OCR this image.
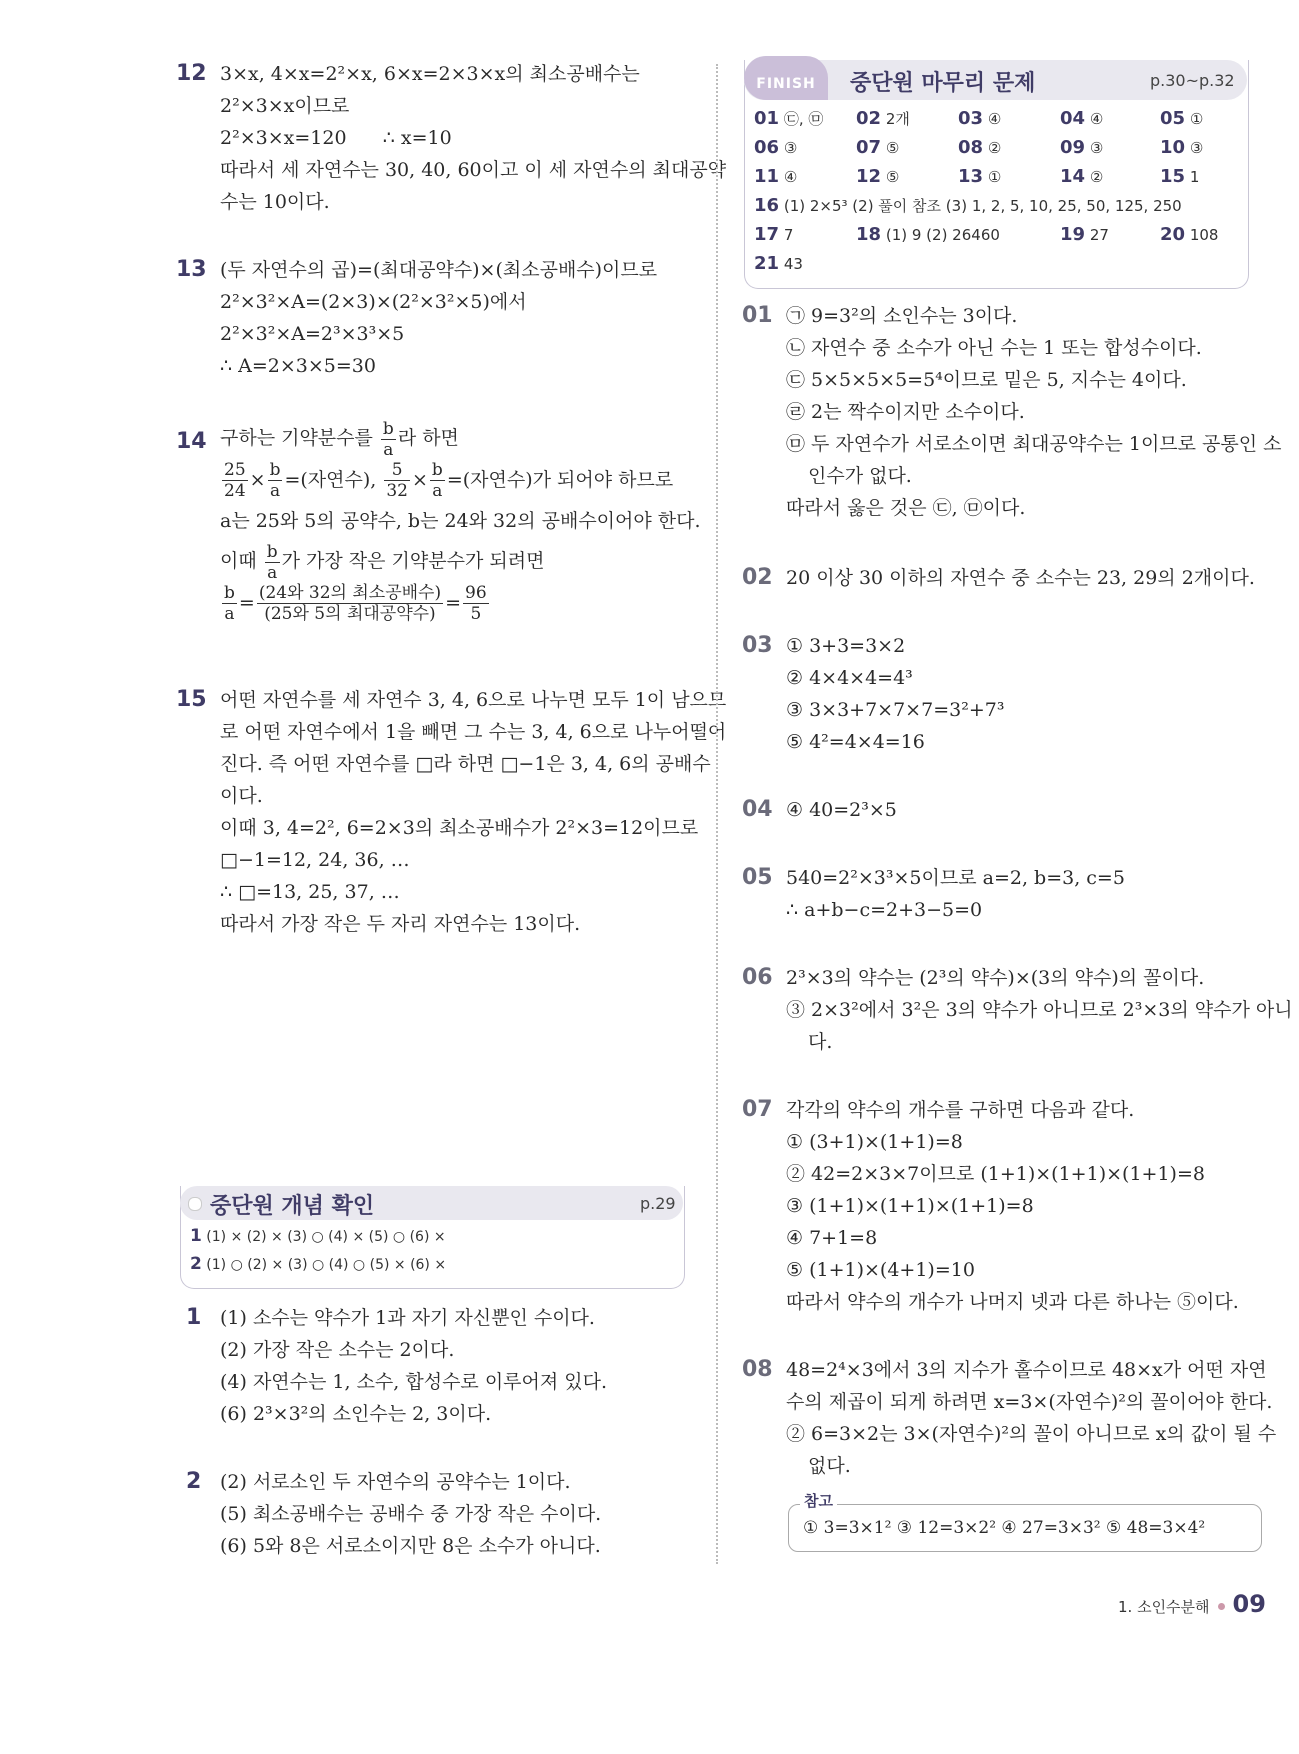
12 3×x, 4×x=2²×x, 6×x=2×3×x의 최소공배수는
2²×3×x이므로
2²×3×x=120      ∴ x=10
따라서 세 자연수는 30, 40, 60이고 이 세 자연수의 최대공약
수는 10이다.
13 (두 자연수의 곱)=(최대공약수)×(최소공배수)이므로
2²×3²×A=(2×3)×(2²×3²×5)에서
2²×3²×A=2³×3³×5
∴ A=2×3×5=30
14 구하는 기약분수를 $\frac{b}{a}$ 라 하면
$\frac{25}{24} \times \frac{b}{a}$ =(자연수), $\frac{5}{32} \times \frac{b}{a}$ =(자연수)가 되어야 하므로
a는 25와 5의 공약수, b는 24와 32의 공배수이어야 한다.
이때 $\frac{b}{a}$ 가 가장 작은 기약분수가 되려면
$\frac{b}{a} = \frac{\text{(24와 32의 최소공배수)}}{\text{(25와 5의 최대공약수)}} = \frac{96}{5}$
15 어떤 자연수를 세 자연수 3, 4, 6으로 나누면 모두 1이 남으므
로 어떤 자연수에서 1을 빼면 그 수는 3, 4, 6으로 나누어떨어
진다. 즉 어떤 자연수를 □라 하면 □−1은 3, 4, 6의 공배수
이다.
이때 3, 4=2², 6=2×3의 최소공배수가 2²×3=12이므로
□−1=12, 24, 36, …
∴ □=13, 25, 37, …
따라서 가장 작은 두 자리 자연수는 13이다.
중단원 개념 확인	p.29
1 (1) × (2) × (3) ○ (4) × (5) ○ (6) ×
2 (1) ○ (2) × (3) ○ (4) ○ (5) × (6) ×
1 (1) 소수는 약수가 1과 자기 자신뿐인 수이다.
(2) 가장 작은 소수는 2이다.
(4) 자연수는 1, 소수, 합성수로 이루어져 있다.
(6) 2³×3²의 소인수는 2, 3이다.
2 (2) 서로소인 두 자연수의 공약수는 1이다.
(5) 최소공배수는 공배수 중 가장 작은 수이다.
(6) 5와 8은 서로소이지만 8은 소수가 아니다.
FINISH	중단원 마무리 문제	p.30~p.32
01 ㉢, ㉤ 02 2개	03 ④	04 ④	05 ①
06 ③	07 ⑤	08 ②	09 ③	10 ③
11 ④	12 ⑤	13 ①	14 ②	15 1
16 (1) 2×5³ (2) 풀이 참조 (3) 1, 2, 5, 10, 25, 50, 125, 250
17 7	18 (1) 9 (2) 26460	19 27	20 108
21 43
01 ㉠ 9=3²의 소인수는 3이다.
㉡ 자연수 중 소수가 아닌 수는 1 또는 합성수이다.
㉢ 5×5×5×5=5⁴이므로 밑은 5, 지수는 4이다.
㉣ 2는 짝수이지만 소수이다.
㉤ 두 자연수가 서로소이면 최대공약수는 1이므로 공통인 소
인수가 없다.
따라서 옳은 것은 ㉢, ㉤이다.
02 20 이상 30 이하의 자연수 중 소수는 23, 29의 2개이다.
03 ① 3+3=3×2
② 4×4×4=4³
③ 3×3+7×7×7=3²+7³
⑤ 4²=4×4=16
04 ④ 40=2³×5
05 540=2²×3³×5이므로 a=2, b=3, c=5
∴ a+b−c=2+3−5=0
06 2³×3의 약수는 (2³의 약수)×(3의 약수)의 꼴이다.
③ 2×3²에서 3²은 3의 약수가 아니므로 2³×3의 약수가 아니
다.
07 각각의 약수의 개수를 구하면 다음과 같다.
① (3+1)×(1+1)=8
② 42=2×3×7이므로 (1+1)×(1+1)×(1+1)=8
③ (1+1)×(1+1)×(1+1)=8
④ 7+1=8
⑤ (1+1)×(4+1)=10
따라서 약수의 개수가 나머지 넷과 다른 하나는 ⑤이다.
08 48=2⁴×3에서 3의 지수가 홀수이므로 48×x가 어떤 자연
수의 제곱이 되게 하려면 x=3×(자연수)²의 꼴이어야 한다.
② 6=3×2는 3×(자연수)²의 꼴이 아니므로 x의 값이 될 수
없다.
① 3=3×1² ③ 12=3×2² ④ 27=3×3² ⑤ 48=3×4²
참고
1. 소인수분해 09
